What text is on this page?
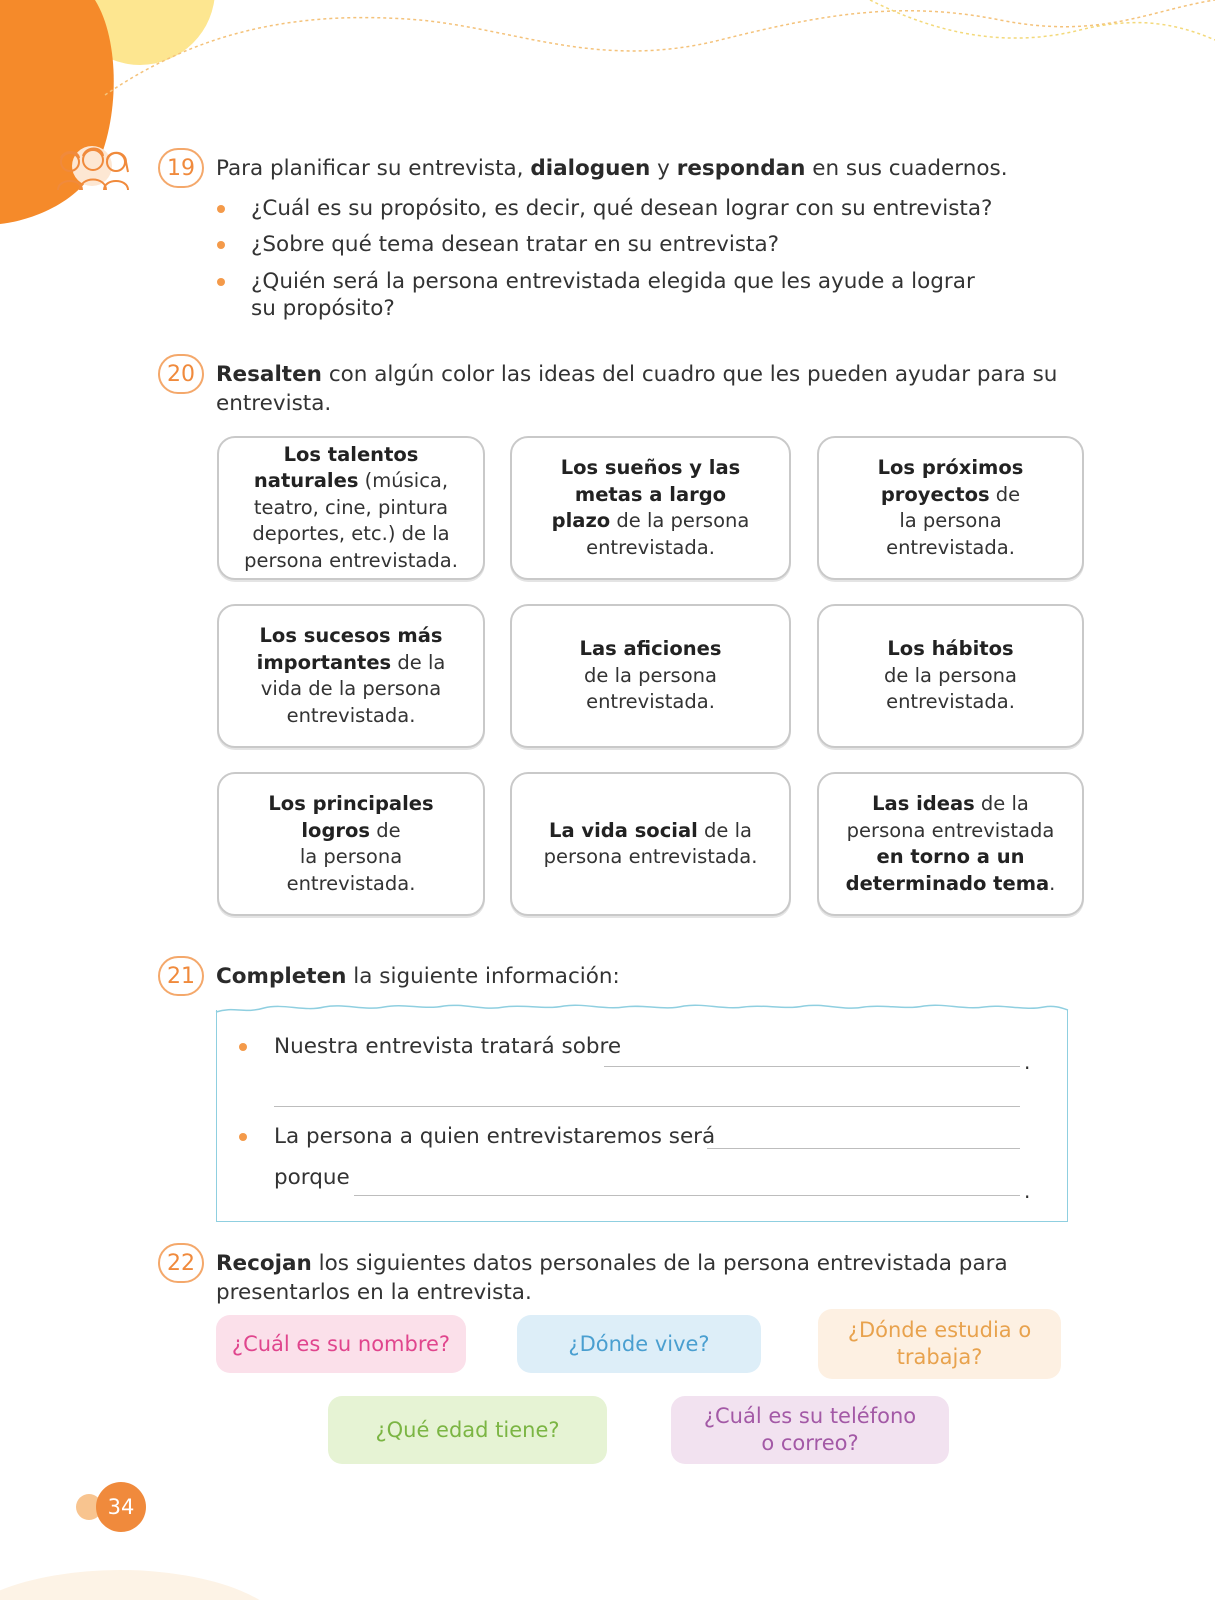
19 Para planificar su entrevista, dialoguen y respondan en sus cuadernos.
¿Cuál es su propósito, es decir, qué desean lograr con su entrevista?
¿Sobre qué tema desean tratar en su entrevista?
¿Quién será la persona entrevistada elegida que les ayude a lograr
su propósito?
20 Resalten con algún color las ideas del cuadro que les pueden ayudar para su
entrevista.
Los talentos
naturales (música,
teatro, cine, pintura
deportes, etc.) de la
persona entrevistada.
Los sueños y las
metas a largo
plazo de la persona
entrevistada.
Los próximos
proyectos de
la persona
entrevistada.
Los sucesos más
importantes de la
vida de la persona
entrevistada.
Las aficiones
de la persona
entrevistada.
Los hábitos
de la persona
entrevistada.
Los principales
logros de
la persona
entrevistada.
La vida social de la
persona entrevistada.
Las ideas de la
persona entrevistada
en torno a un
determinado tema.
21 Completen la siguiente información:
Nuestra entrevista tratará sobre
.
La persona a quien entrevistaremos será
porque
.
22 Recojan los siguientes datos personales de la persona entrevistada para
presentarlos en la entrevista.
¿Cuál es su nombre?	¿Dónde vive?
¿Dónde estudia o
trabaja?
¿Qué edad tiene?
¿Cuál es su teléfono
o correo?
34
